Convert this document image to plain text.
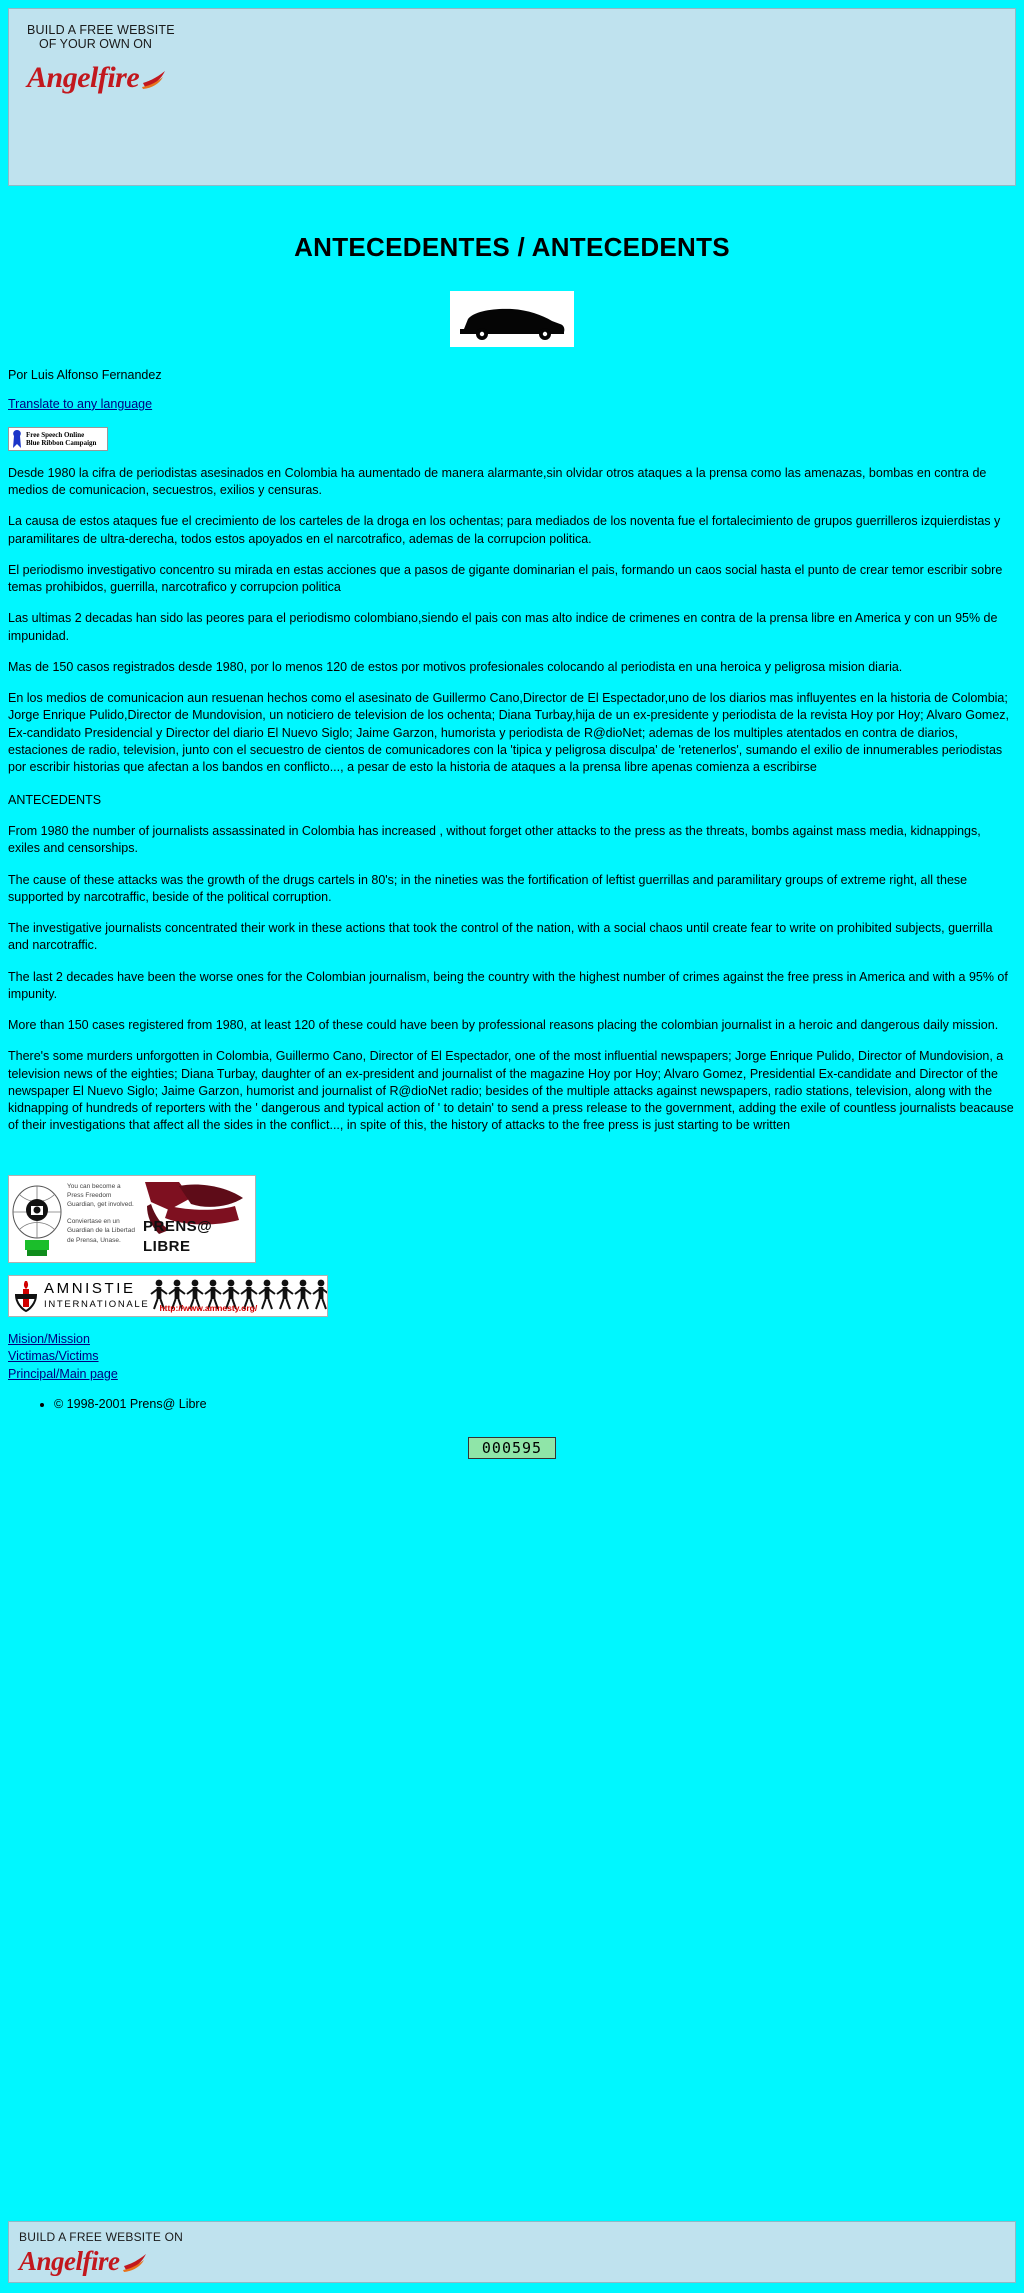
BUILD A FREE WEBSITE
OF YOUR OWN ON
Angelfire
ANTECEDENTES / ANTECEDENTS
Por Luis Alfonso Fernandez
Translate to any language
Free Speech Online
Blue Ribbon Campaign

Desde 1980 la cifra de periodistas asesinados en Colombia ha aumentado de manera alarmante,sin olvidar otros ataques a la prensa como las amenazas, bombas en contra de medios de comunicacion, secuestros, exilios y censuras.

La causa de estos ataques fue el crecimiento de los carteles de la droga en los ochentas; para mediados de los noventa fue el fortalecimiento de grupos guerrilleros izquierdistas y paramilitares de ultra-derecha, todos estos apoyados en el narcotrafico, ademas de la corrupcion politica.

El periodismo investigativo concentro su mirada en estas acciones que a pasos de gigante dominarian el pais, formando un caos social hasta el punto de crear temor escribir sobre temas prohibidos, guerrilla, narcotrafico y corrupcion politica

Las ultimas 2 decadas han sido las peores para el periodismo colombiano,siendo el pais con mas alto indice de crimenes en contra de la prensa libre en America y con un 95% de impunidad.

Mas de 150 casos registrados desde 1980, por lo menos 120 de estos por motivos profesionales colocando al periodista en una heroica y peligrosa mision diaria.

En los medios de comunicacion aun resuenan hechos como el asesinato de Guillermo Cano,Director de El Espectador,uno de los diarios mas influyentes en la historia de Colombia; Jorge Enrique Pulido,Director de Mundovision, un noticiero de television de los ochenta; Diana Turbay,hija de un ex-presidente y periodista de la revista Hoy por Hoy; Alvaro Gomez, Ex-candidato Presidencial y Director del diario El Nuevo Siglo; Jaime Garzon, humorista y periodista de R@dioNet; ademas de los multiples atentados en contra de diarios, estaciones de radio, television, junto con el secuestro de cientos de comunicadores con la 'tipica y peligrosa disculpa' de 'retenerlos', sumando el exilio de innumerables periodistas por escribir historias que afectan a los bandos en conflicto..., a pesar de esto la historia de ataques a la prensa libre apenas comienza a escribirse

ANTECEDENTS

From 1980 the number of journalists assassinated in Colombia has increased , without forget other attacks to the press as the threats, bombs against mass media, kidnappings, exiles and censorships.

The cause of these attacks was the growth of the drugs cartels in 80's; in the nineties was the fortification of leftist guerrillas and paramilitary groups of extreme right, all these supported by narcotraffic, beside of the political corruption.

The investigative journalists concentrated their work in these actions that took the control of the nation, with a social chaos until create fear to write on prohibited subjects, guerrilla and narcotraffic.

The last 2 decades have been the worse ones for the Colombian journalism, being the country with the highest number of crimes against the free press in America and with a 95% of impunity.

More than 150 cases registered from 1980, at least 120 of these could have been by professional reasons placing the colombian journalist in a heroic and dangerous daily mission.

There's some murders unforgotten in Colombia, Guillermo Cano, Director of El Espectador, one of the most influential newspapers; Jorge Enrique Pulido, Director of Mundovision, a television news of the eighties; Diana Turbay, daughter of an ex-president and journalist of the magazine Hoy por Hoy; Alvaro Gomez, Presidential Ex-candidate and Director of the newspaper El Nuevo Siglo; Jaime Garzon, humorist and journalist of R@dioNet radio; besides of the multiple attacks against newspapers, radio stations, television, along with the kidnapping of hundreds of reporters with the ' dangerous and typical action of ' to detain' to send a press release to the government, adding the exile of countless journalists beacause of their investigations that affect all the sides in the conflict..., in spite of this, the history of attacks to the free press is just starting to be written

You can become a Press Freedom Guardian, get involved.
Conviertase en un Guardian de la Libertad de Prensa, Unase.
PRENS@ LIBRE
AMNISTIE
INTERNATIONALE http://www.amnesty.org/
Mision/Mission
Victimas/Victims
Principal/Main page
• © 1998-2001 Prens@ Libre
000595
BUILD A FREE WEBSITE ON
Angelfire
